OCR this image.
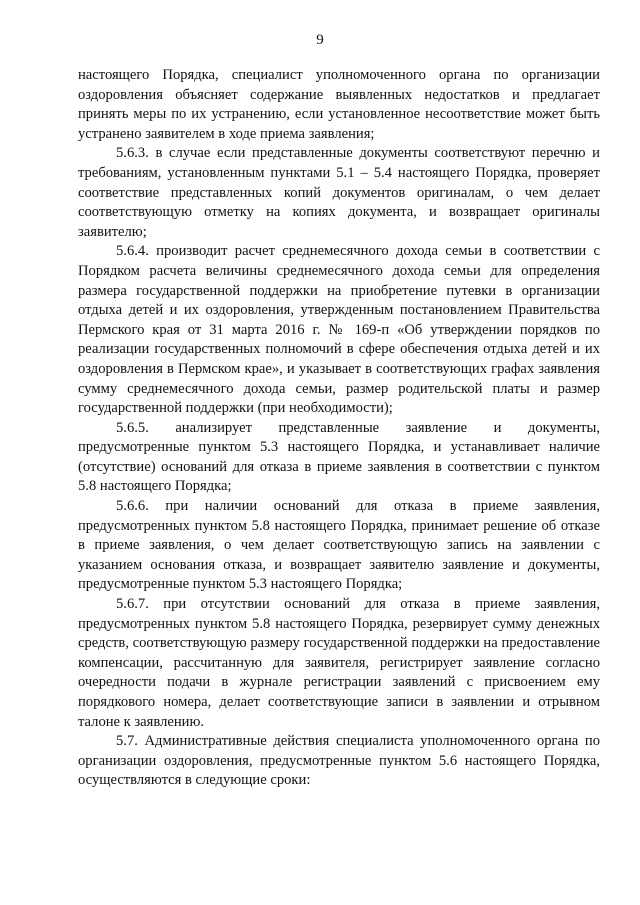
9

настоящего Порядка, специалист уполномоченного органа по организации оздоровления объясняет содержание выявленных недостатков и предлагает принять меры по их устранению, если установленное несоответствие может быть устранено заявителем в ходе приема заявления;

5.6.3. в случае если представленные документы соответствуют перечню и требованиям, установленным пунктами 5.1 – 5.4 настоящего Порядка, проверяет соответствие представленных копий документов оригиналам, о чем делает соответствующую отметку на копиях документа, и возвращает оригиналы заявителю;

5.6.4. производит расчет среднемесячного дохода семьи в соответствии с Порядком расчета величины среднемесячного дохода семьи для определения размера государственной поддержки на приобретение путевки в организации отдыха детей и их оздоровления, утвержденным постановлением Правительства Пермского края от 31 марта 2016 г. № 169-п «Об утверждении порядков по реализации государственных полномочий в сфере обеспечения отдыха детей и их оздоровления в Пермском крае», и указывает в соответствующих графах заявления сумму среднемесячного дохода семьи, размер родительской платы и размер государственной поддержки (при необходимости);

5.6.5. анализирует представленные заявление и документы, предусмотренные пунктом 5.3 настоящего Порядка, и устанавливает наличие (отсутствие) оснований для отказа в приеме заявления в соответствии с пунктом 5.8 настоящего Порядка;

5.6.6. при наличии оснований для отказа в приеме заявления, предусмотренных пунктом 5.8 настоящего Порядка, принимает решение об отказе в приеме заявления, о чем делает соответствующую запись на заявлении с указанием основания отказа, и возвращает заявителю заявление и документы, предусмотренные пунктом 5.3 настоящего Порядка;

5.6.7. при отсутствии оснований для отказа в приеме заявления, предусмотренных пунктом 5.8 настоящего Порядка, резервирует сумму денежных средств, соответствующую размеру государственной поддержки на предоставление компенсации, рассчитанную для заявителя, регистрирует заявление согласно очередности подачи в журнале регистрации заявлений с присвоением ему порядкового номера, делает соответствующие записи в заявлении и отрывном талоне к заявлению.

5.7. Административные действия специалиста уполномоченного органа по организации оздоровления, предусмотренные пунктом 5.6 настоящего Порядка, осуществляются в следующие сроки:
